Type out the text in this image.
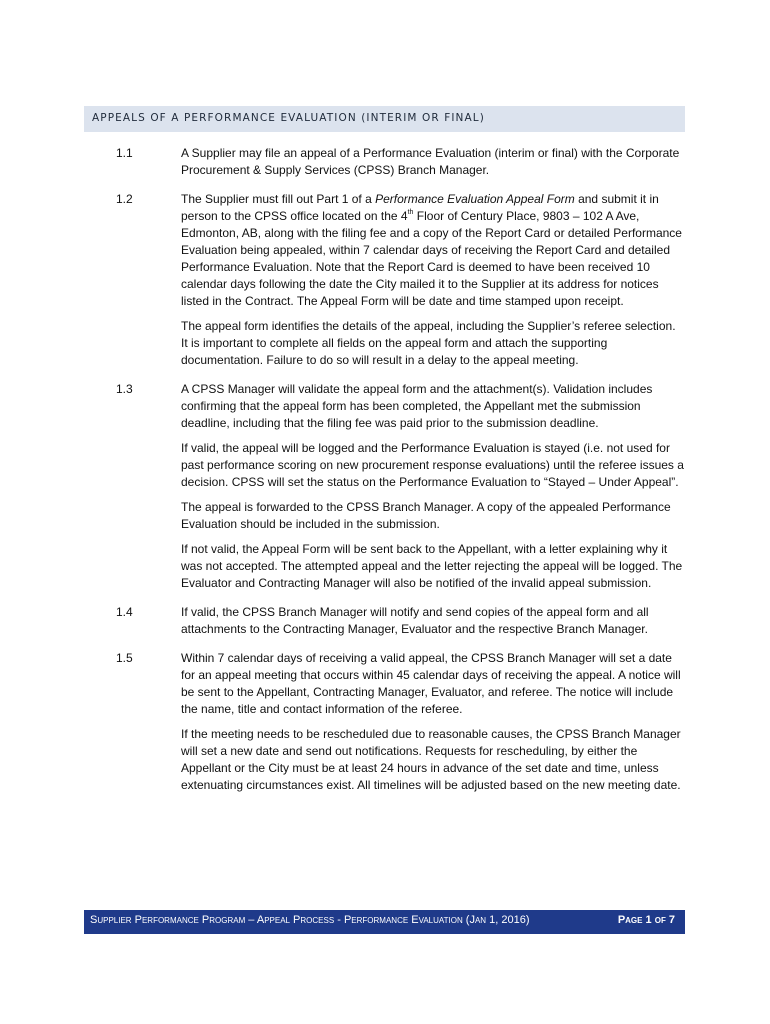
APPEALS OF A PERFORMANCE EVALUATION (INTERIM OR FINAL)
1.1	A Supplier may file an appeal of a Performance Evaluation (interim or final) with the Corporate Procurement & Supply Services (CPSS) Branch Manager.

1.2	The Supplier must fill out Part 1 of a Performance Evaluation Appeal Form and submit it in person to the CPSS office located on the 4th Floor of Century Place, 9803 – 102 A Ave, Edmonton, AB, along with the filing fee and a copy of the Report Card or detailed Performance Evaluation being appealed, within 7 calendar days of receiving the Report Card and detailed Performance Evaluation. Note that the Report Card is deemed to have been received 10 calendar days following the date the City mailed it to the Supplier at its address for notices listed in the Contract. The Appeal Form will be date and time stamped upon receipt.

The appeal form identifies the details of the appeal, including the Supplier’s referee selection. It is important to complete all fields on the appeal form and attach the supporting documentation. Failure to do so will result in a delay to the appeal meeting.

1.3	A CPSS Manager will validate the appeal form and the attachment(s). Validation includes confirming that the appeal form has been completed, the Appellant met the submission deadline, including that the filing fee was paid prior to the submission deadline.

If valid, the appeal will be logged and the Performance Evaluation is stayed (i.e. not used for past performance scoring on new procurement response evaluations) until the referee issues a decision. CPSS will set the status on the Performance Evaluation to “Stayed – Under Appeal”.

The appeal is forwarded to the CPSS Branch Manager. A copy of the appealed Performance Evaluation should be included in the submission.

If not valid, the Appeal Form will be sent back to the Appellant, with a letter explaining why it was not accepted. The attempted appeal and the letter rejecting the appeal will be logged. The Evaluator and Contracting Manager will also be notified of the invalid appeal submission.

1.4	If valid, the CPSS Branch Manager will notify and send copies of the appeal form and all attachments to the Contracting Manager, Evaluator and the respective Branch Manager.

1.5	Within 7 calendar days of receiving a valid appeal, the CPSS Branch Manager will set a date for an appeal meeting that occurs within 45 calendar days of receiving the appeal. A notice will be sent to the Appellant, Contracting Manager, Evaluator, and referee. The notice will include the name, title and contact information of the referee.

If the meeting needs to be rescheduled due to reasonable causes, the CPSS Branch Manager will set a new date and send out notifications. Requests for rescheduling, by either the Appellant or the City must be at least 24 hours in advance of the set date and time, unless extenuating circumstances exist. All timelines will be adjusted based on the new meeting date.

Supplier Performance Program – Appeal Process - Performance Evaluation (Jan 1, 2016)	Page 1 of 7
